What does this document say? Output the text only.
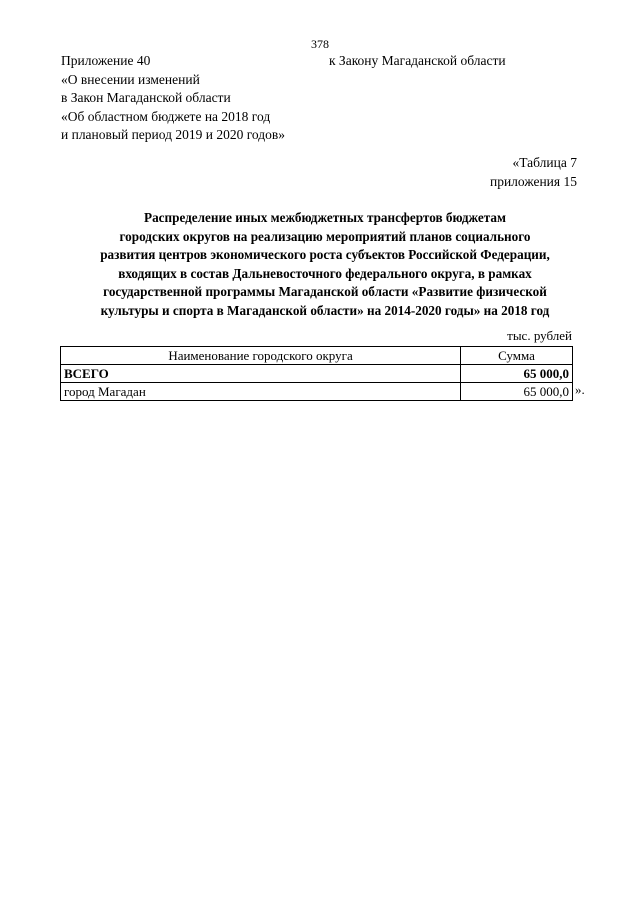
378
Приложение 40
«О внесении изменений
в Закон Магаданской области
«Об областном бюджете на 2018 год
и плановый период 2019 и 2020 годов»
к Закону Магаданской области
«Таблица 7
приложения 15
Распределение иных межбюджетных трансфертов бюджетам
городских округов на реализацию мероприятий планов социального
развития центров экономического роста субъектов Российской Федерации,
входящих в состав Дальневосточного федерального округа, в рамках
государственной программы Магаданской области «Развитие физической
культуры и спорта в Магаданской области» на 2014-2020 годы» на 2018 год
тыс. рублей
Наименование городского округа	Сумма
ВСЕГО	65 000,0
город Магадан	65 000,0 ».
